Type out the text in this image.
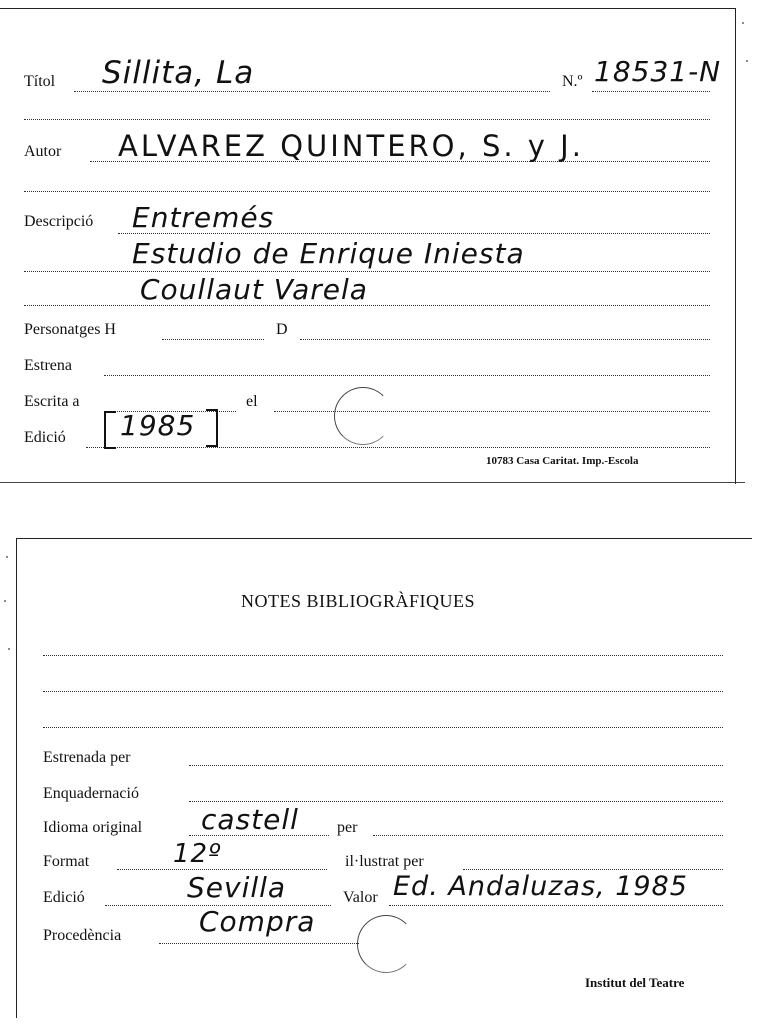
Títol Sillita, La	N.º 18531-N
Autor ALVAREZ QUINTERO, S. y J.
Descripció Entremés
Estudio de Enrique Iniesta
Coullaut Varela
Personatges H	D
Estrena
Escrita a	el
Edició 1985
10783 Casa Caritat. Imp.-Escola
NOTES BIBLIOGRÀFIQUES
Estrenada per
Enquadernació
Idioma original castell per
Format	12º	il·lustrat per
Edició	Sevilla	Valor Ed. Andaluzas, 1985
Procedència	Compra
Institut del Teatre
